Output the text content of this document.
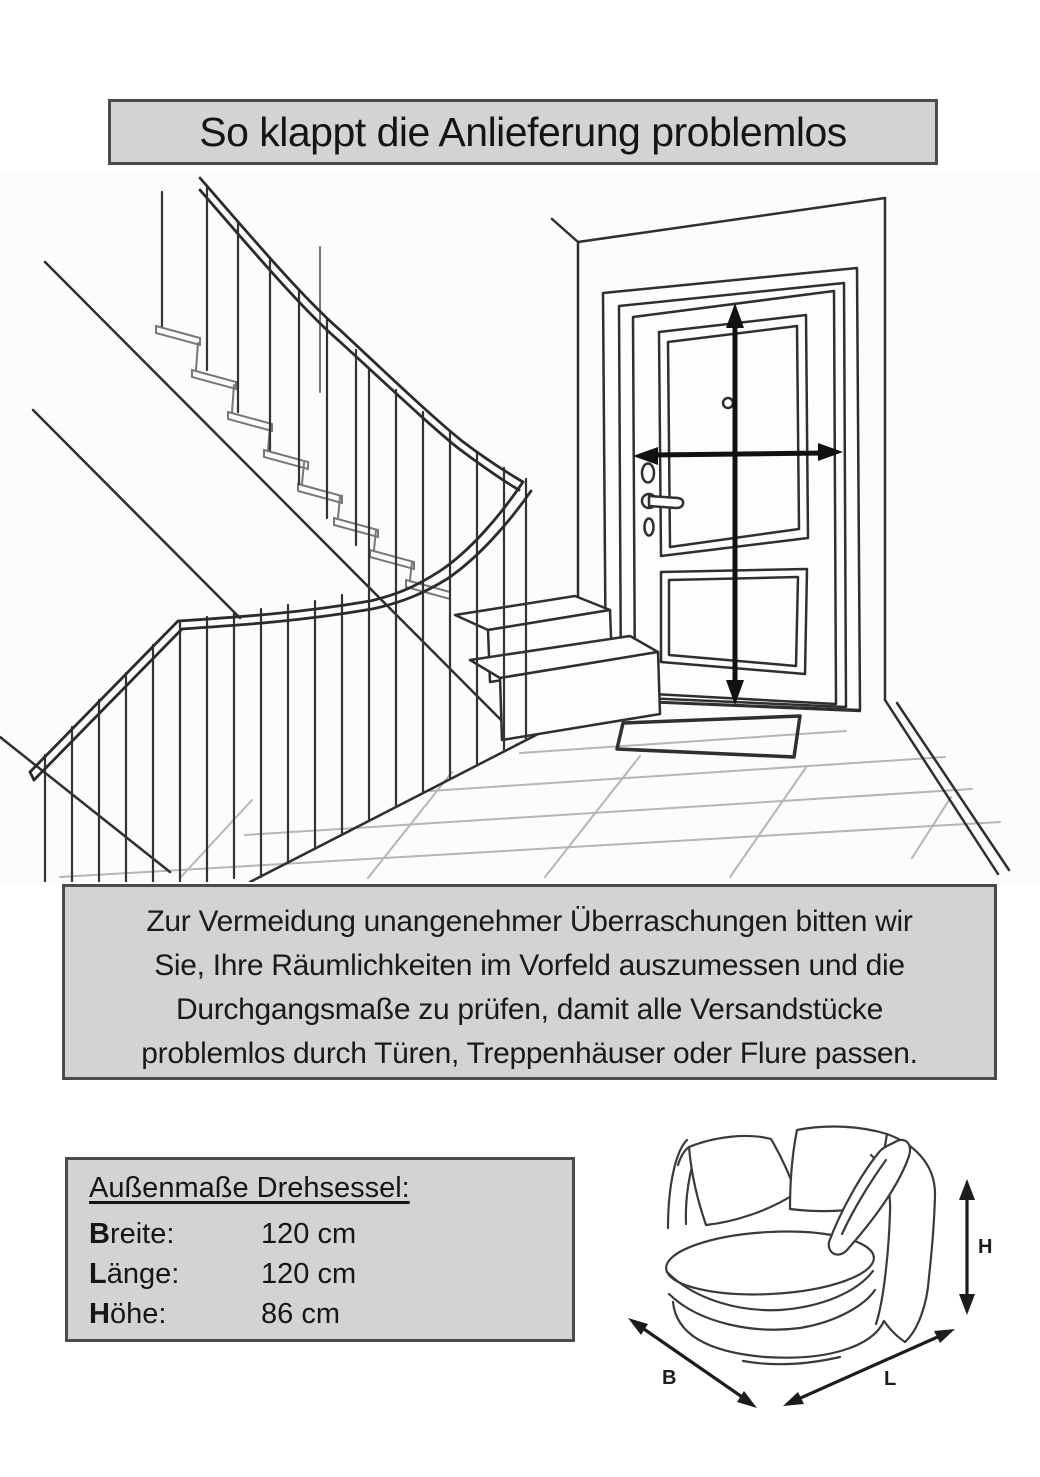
So klappt die Anlieferung problemlos
Zur Vermeidung unangenehmer Überraschungen bitten wir
Sie, Ihre Räumlichkeiten im Vorfeld auszumessen und die
Durchgangsmaße zu prüfen, damit alle Versandstücke
problemlos durch Türen, Treppenhäuser oder Flure passen.
Außenmaße Drehsessel:
Breite:	120 cm
Länge:	120 cm
Höhe:	86 cm
H
B	L
